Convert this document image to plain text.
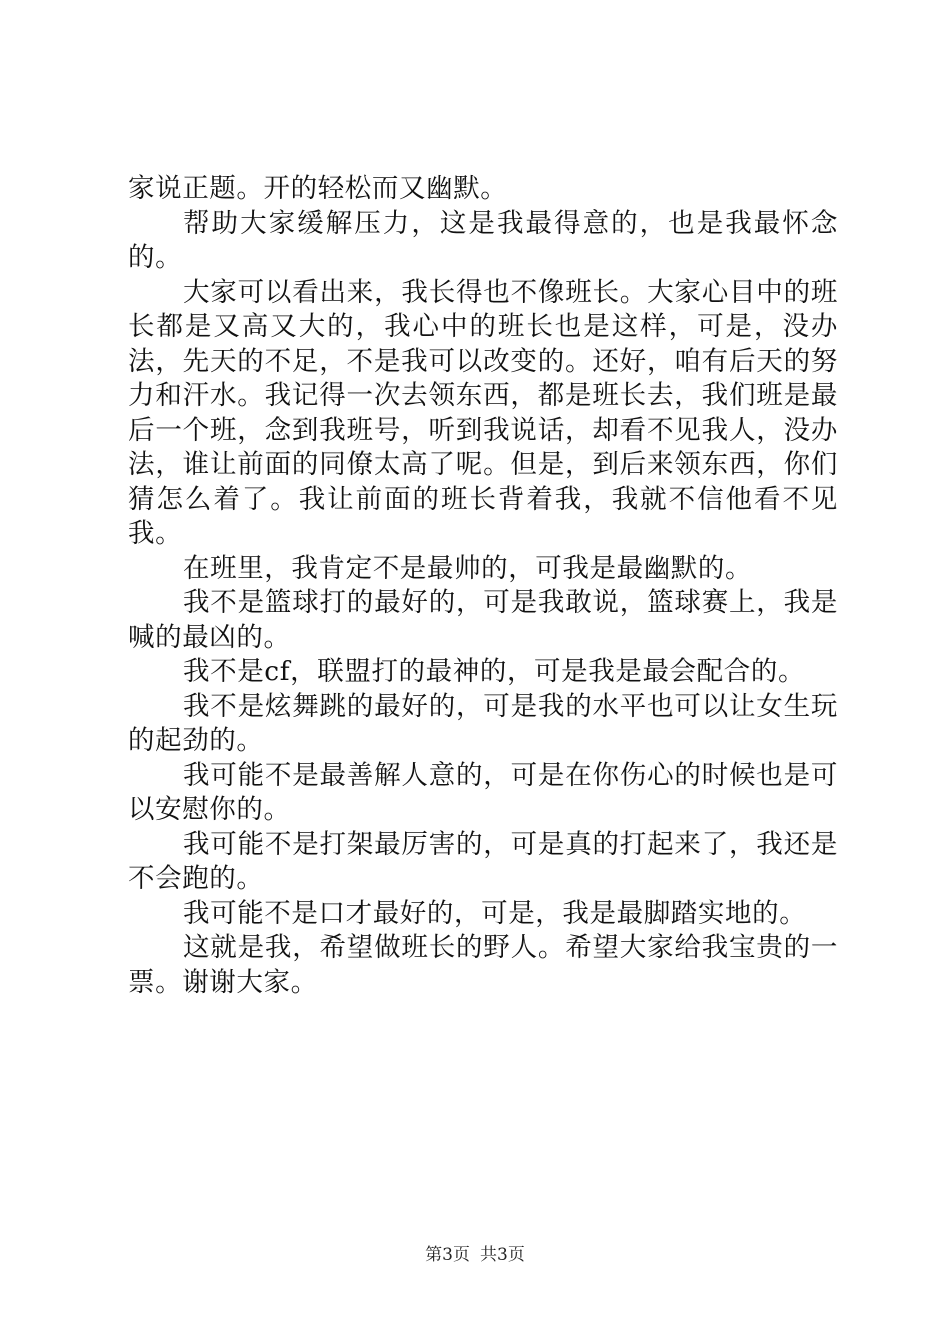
家说正题。开的轻松而又幽默。

帮助大家缓解压力，这是我最得意的，也是我最怀念的。

大家可以看出来，我长得也不像班长。大家心目中的班长都是又高又大的，我心中的班长也是这样，可是，没办法，先天的不足，不是我可以改变的。还好，咱有后天的努力和汗水。我记得一次去领东西，都是班长去，我们班是最后一个班，念到我班号，听到我说话，却看不见我人，没办法，谁让前面的同僚太高了呢。但是，到后来领东西，你们猜怎么着了。我让前面的班长背着我，我就不信他看不见我。

在班里，我肯定不是最帅的，可我是最幽默的。

我不是篮球打的最好的，可是我敢说，篮球赛上，我是喊的最凶的。

我不是cf，联盟打的最神的，可是我是最会配合的。

我不是炫舞跳的最好的，可是我的水平也可以让女生玩的起劲的。

我可能不是最善解人意的，可是在你伤心的时候也是可以安慰你的。

我可能不是打架最厉害的，可是真的打起来了，我还是不会跑的。

我可能不是口才最好的，可是，我是最脚踏实地的。

这就是我，希望做班长的野人。希望大家给我宝贵的一票。谢谢大家。

第3页 共3页
